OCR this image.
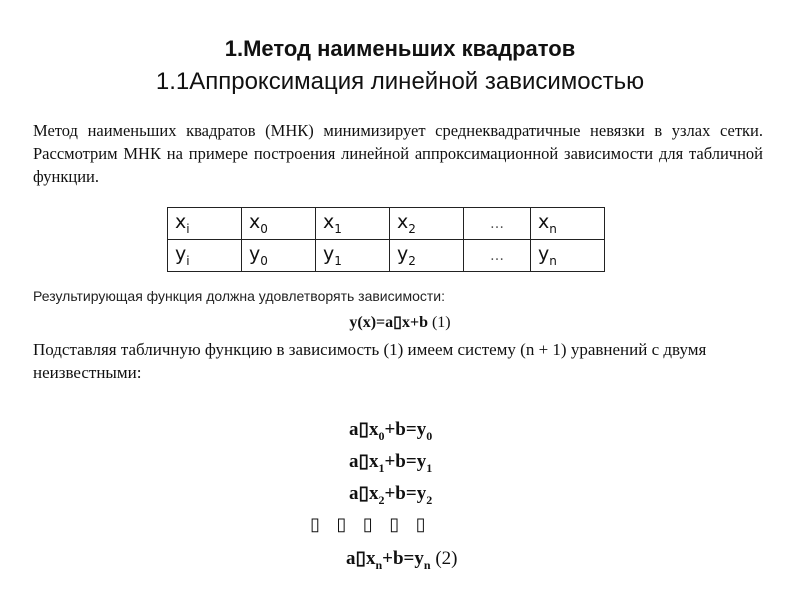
1.Метод наименьших квадратов
1.1Аппроксимация линейной зависимостью
Метод наименьших квадратов (МНК) минимизирует среднеквадратичные невязки в узлах сетки. Рассмотрим МНК на примере построения линейной аппроксимационной зависимости для табличной функции.
$x_i$	$x_0$	$x_1$	$x_2$	…	$x_n$
$y_i$	$y_0$	$y_1$	$y_2$	…	$y_n$
Результирующая функция должна удовлетворять зависимости:
y(x)=a▯x+b (1)
Подставляя табличную функцию в зависимость (1) имеем систему (n + 1) уравнений с двумя неизвестными:
$a▯x_0+b=y_0$
$a▯x_1+b=y_1$
$a▯x_2+b=y_2$
$a▯x_n+b=y_n$ (2)
▯ ▯ ▯ ▯ ▯
